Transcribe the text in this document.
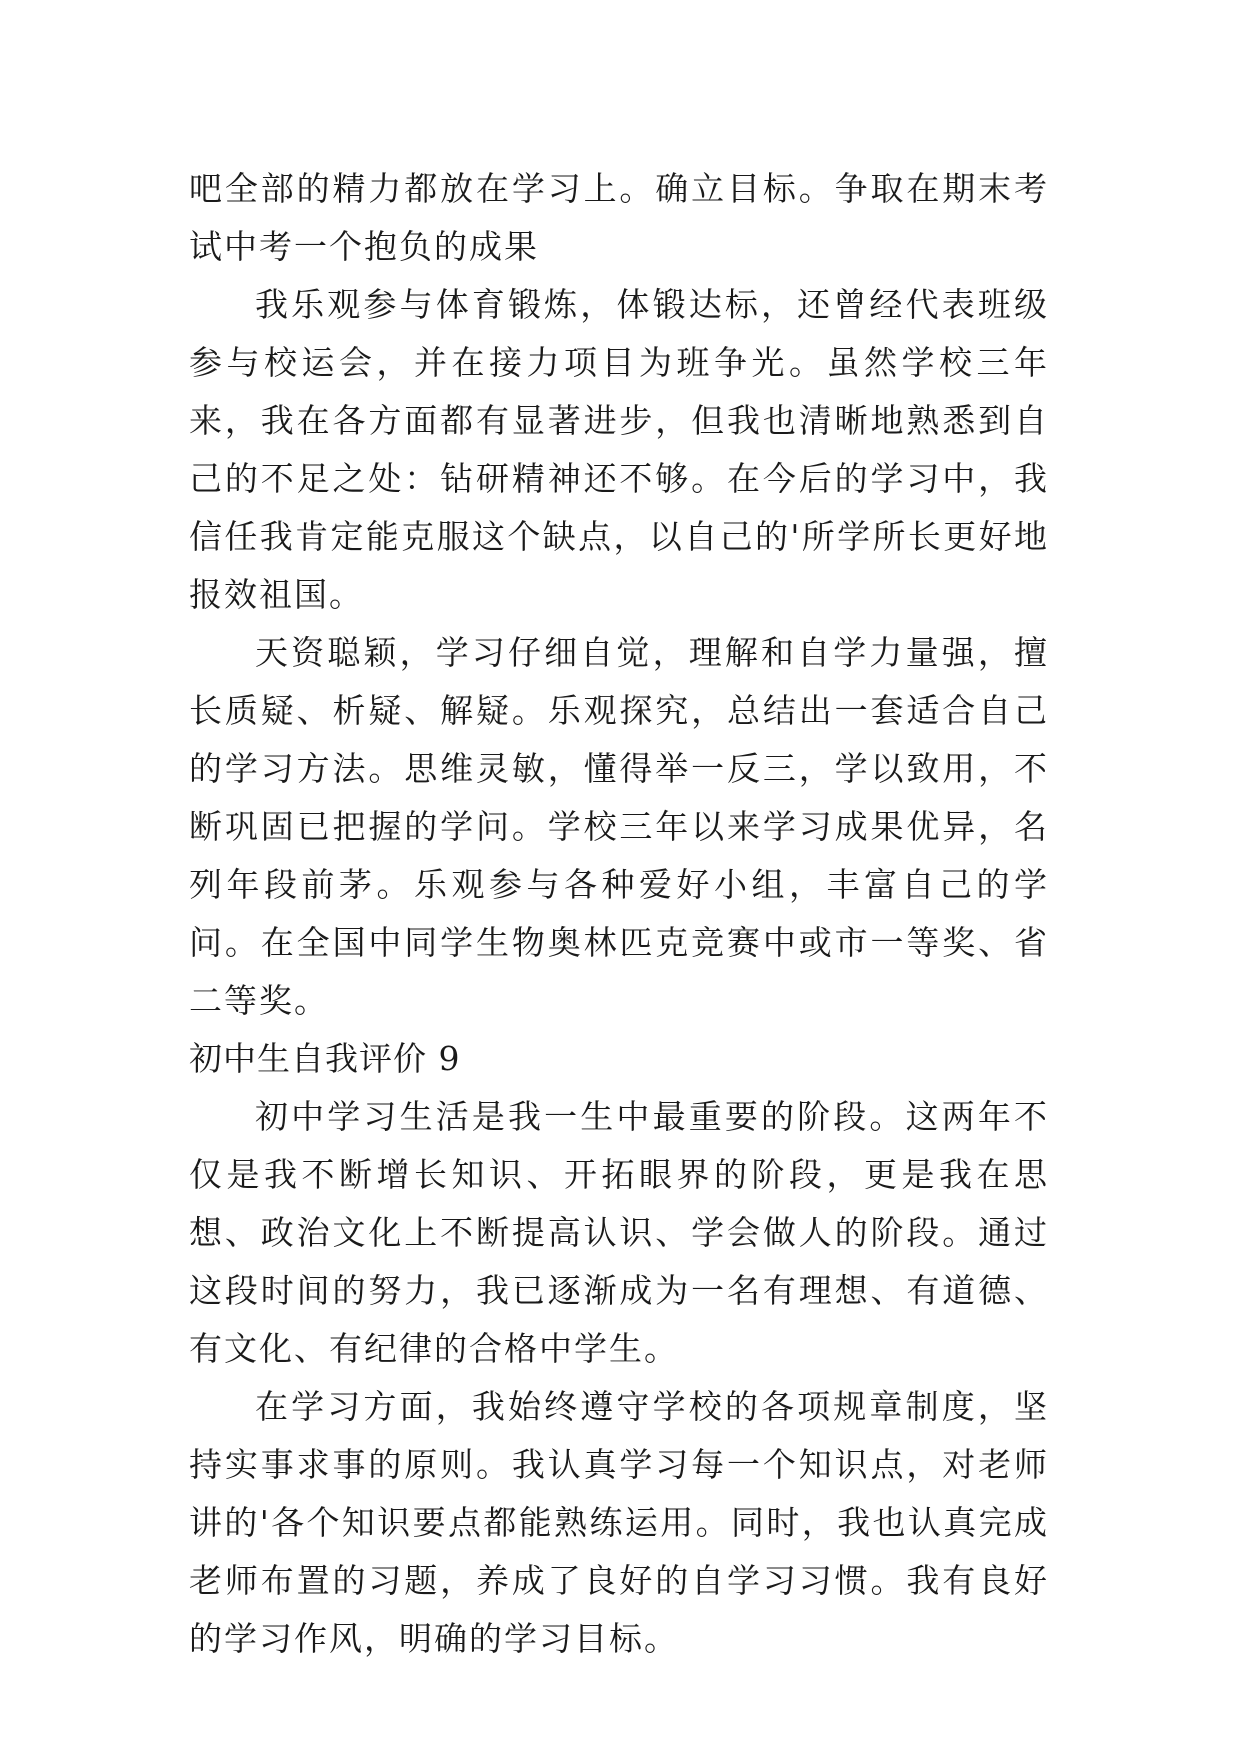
吧全部的精力都放在学习上。确立目标。争取在期末考试中考一个抱负的成果

我乐观参与体育锻炼，体锻达标，还曾经代表班级参与校运会，并在接力项目为班争光。虽然学校三年来，我在各方面都有显著进步，但我也清晰地熟悉到自己的不足之处：钻研精神还不够。在今后的学习中，我信任我肯定能克服这个缺点，以自己的'所学所长更好地报效祖国。

天资聪颖，学习仔细自觉，理解和自学力量强，擅长质疑、析疑、解疑。乐观探究，总结出一套适合自己的学习方法。思维灵敏，懂得举一反三，学以致用，不断巩固已把握的学问。学校三年以来学习成果优异，名列年段前茅。乐观参与各种爱好小组，丰富自己的学问。在全国中同学生物奥林匹克竞赛中或市一等奖、省二等奖。

初中生自我评价 9

初中学习生活是我一生中最重要的阶段。这两年不仅是我不断增长知识、开拓眼界的阶段，更是我在思想、政治文化上不断提高认识、学会做人的阶段。通过这段时间的努力，我已逐渐成为一名有理想、有道德、有文化、有纪律的合格中学生。

在学习方面，我始终遵守学校的各项规章制度，坚持实事求事的原则。我认真学习每一个知识点，对老师讲的'各个知识要点都能熟练运用。同时，我也认真完成老师布置的习题，养成了良好的自学习习惯。我有良好的学习作风，明确的学习目标。
